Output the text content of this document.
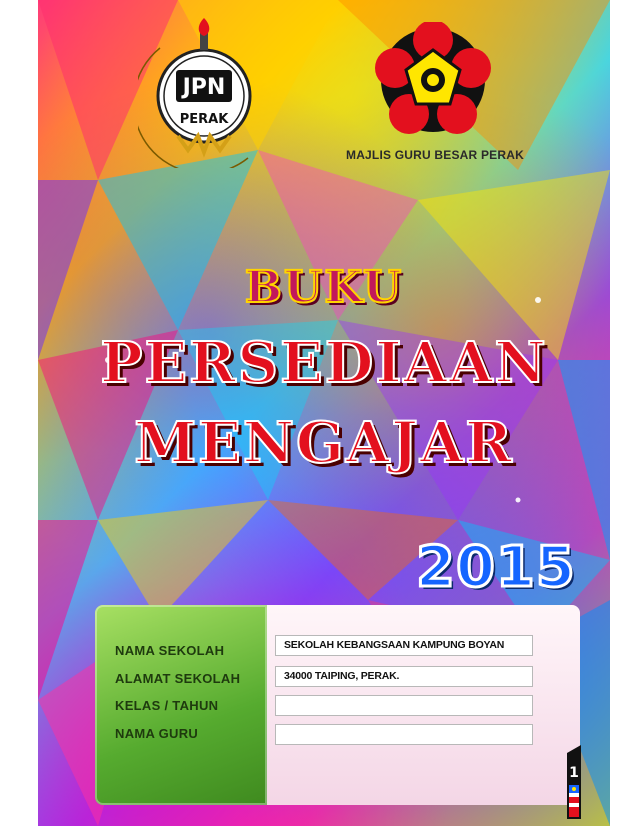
JPN
PERAK
MAJLIS GURU BESAR PERAK
BUKU
PERSEDIAAN
MENGAJAR
2015
NAMA SEKOLAH
ALAMAT SEKOLAH
KELAS / TAHUN
NAMA GURU
SEKOLAH KEBANGSAAN KAMPUNG BOYAN
34000 TAIPING, PERAK.
1
